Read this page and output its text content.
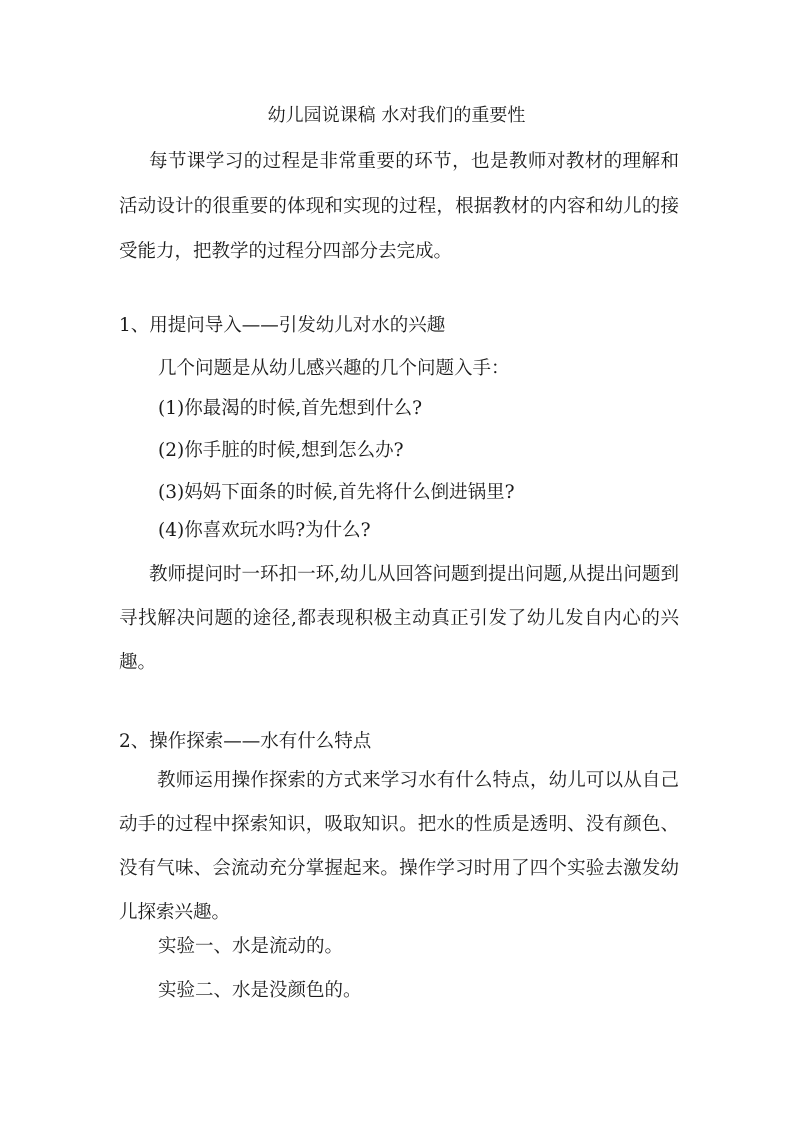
幼儿园说课稿 水对我们的重要性

每节课学习的过程是非常重要的环节，也是教师对教材的理解和活动设计的很重要的体现和实现的过程，根据教材的内容和幼儿的接受能力，把教学的过程分四部分去完成。

1、用提问导入——引发幼儿对水的兴趣

几个问题是从幼儿感兴趣的几个问题入手：

(1)你最渴的时候,首先想到什么?

(2)你手脏的时候,想到怎么办?

(3)妈妈下面条的时候,首先将什么倒进锅里?

(4)你喜欢玩水吗?为什么?

教师提问时一环扣一环,幼儿从回答问题到提出问题,从提出问题到寻找解决问题的途径,都表现积极主动真正引发了幼儿发自内心的兴趣。

2、操作探索——水有什么特点

教师运用操作探索的方式来学习水有什么特点，幼儿可以从自己动手的过程中探索知识，吸取知识。把水的性质是透明、没有颜色、没有气味、会流动充分掌握起来。操作学习时用了四个实验去激发幼儿探索兴趣。

实验一、水是流动的。

实验二、水是没颜色的。
